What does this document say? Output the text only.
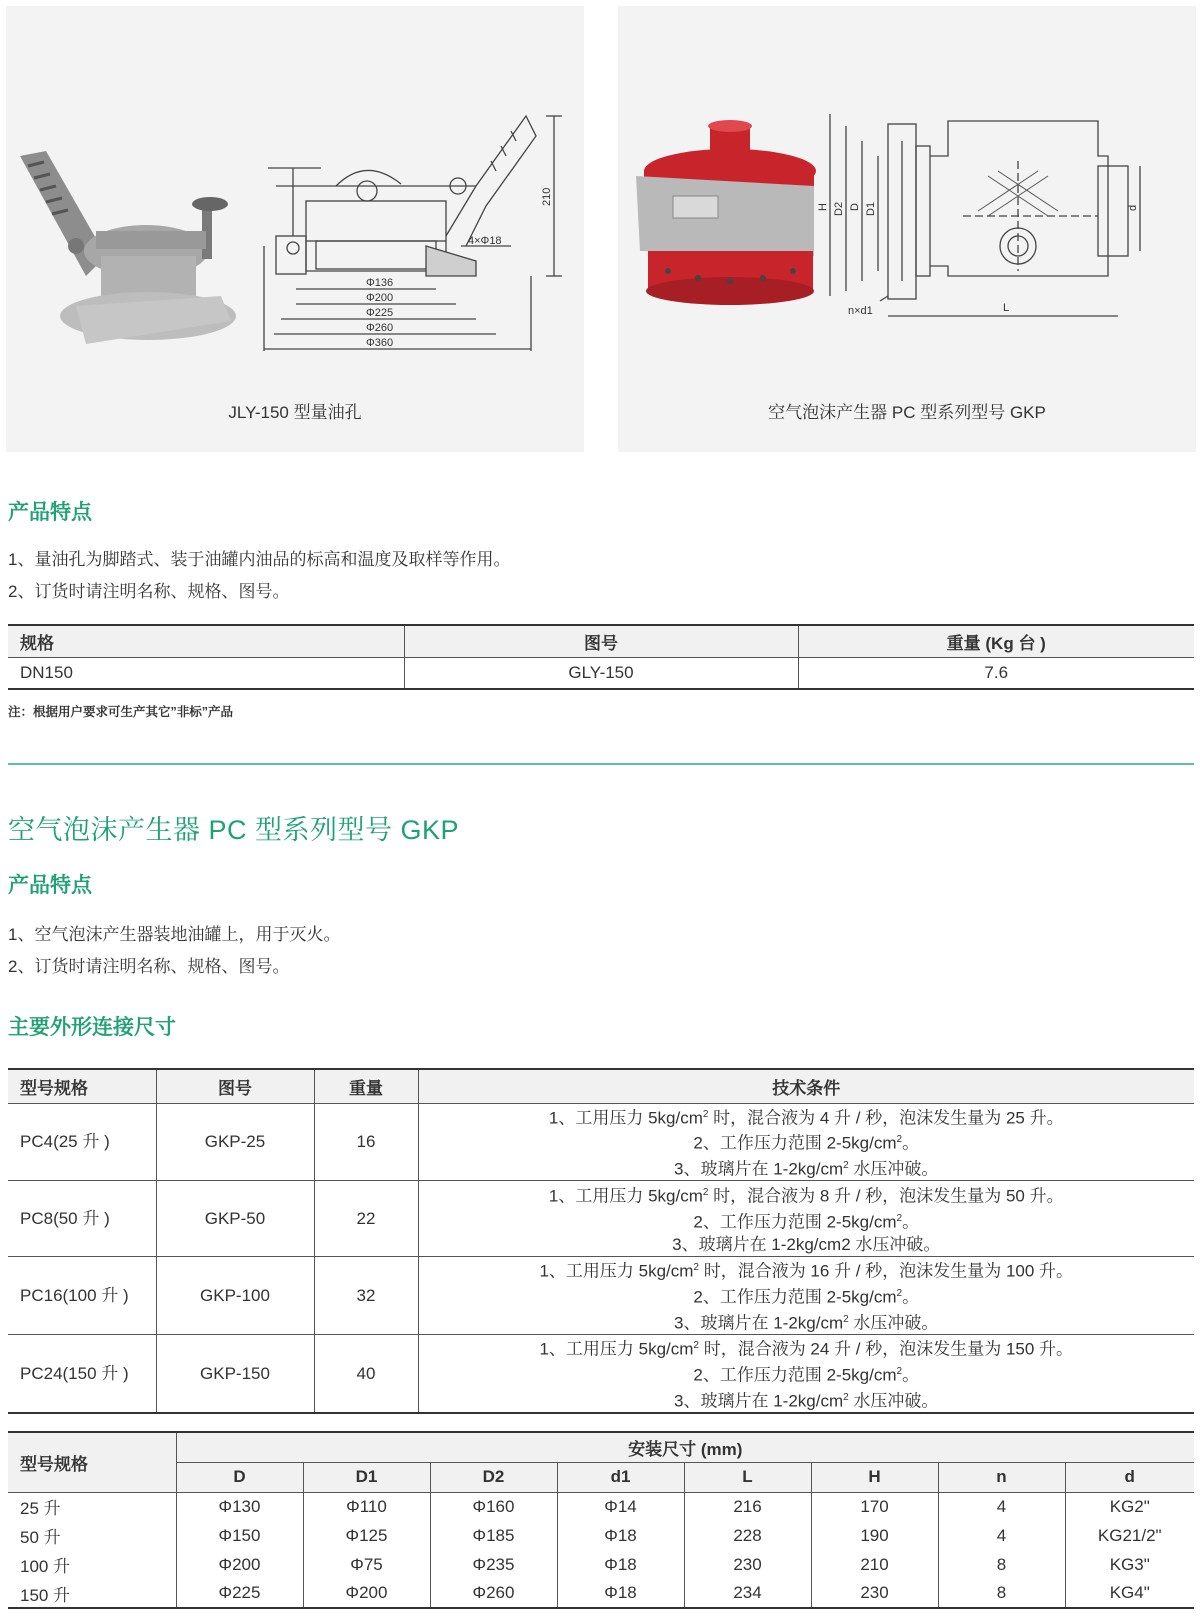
210
4×Φ18
Φ136
Φ200
Φ225
Φ260
Φ360
JLY-150 型量油孔
H D2 D D1	d
n×d1	L
空气泡沫产生器 PC 型系列型号 GKP
产品特点
1、量油孔为脚踏式、装于油罐内油品的标高和温度及取样等作用。
2、订货时请注明名称、规格、图号。
规格	图号	重量 (Kg 台 )
DN150	GLY-150	7.6
注：根据用户要求可生产其它”非标”产品
空气泡沫产生器 PC 型系列型号 GKP
产品特点
1、空气泡沫产生器装地油罐上，用于灭火。
2、订货时请注明名称、规格、图号。
主要外形连接尺寸
型号规格	图号	重量	技术条件
PC4(25 升 )	GKP-25	16	1、工用压力 $5kg/cm^2$ 时，混合液为 4 升 / 秒，泡沫发生量为 25 升。
2、工作压力范围 $2-5kg/cm^2$。
3、玻璃片在 $1-2kg/cm^2$ 水压冲破。

PC8(50 升 )	GKP-50	22	1、工用压力 $5kg/cm^2$ 时，混合液为 8 升 / 秒，泡沫发生量为 50 升。
2、工作压力范围 $2-5kg/cm^2$。
3、玻璃片在 1-2kg/cm2 水压冲破。

PC16(100 升 )	GKP-100	32	1、工用压力 $5kg/cm^2$ 时，混合液为 16 升 / 秒，泡沫发生量为 100 升。
2、工作压力范围 $2-5kg/cm^2$。
3、玻璃片在 $1-2kg/cm^2$ 水压冲破。

PC24(150 升 )	GKP-150	40	1、工用压力 $5kg/cm^2$ 时，混合液为 24 升 / 秒，泡沫发生量为 150 升。
2、工作压力范围 $2-5kg/cm^2$。
3、玻璃片在 $1-2kg/cm^2$ 水压冲破。
型号规格	安装尺寸 (mm)							
	D	D1	D2	d1	L	H	n	d
25 升	Φ130	Φ110	Φ160	Φ14	216	170	4	KG2"
50 升	Φ150	Φ125	Φ185	Φ18	228	190	4	KG21/2"
100 升	Φ200	Φ75	Φ235	Φ18	230	210	8	KG3"
150 升	Φ225	Φ200	Φ260	Φ18	234	230	8	KG4"
